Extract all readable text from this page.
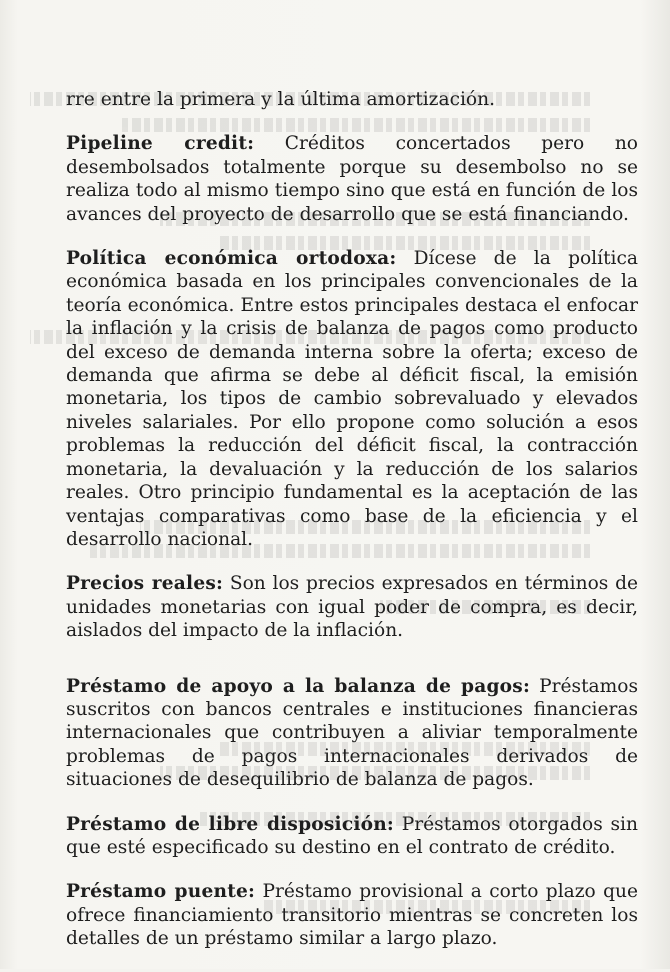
rre entre la primera y la última amortización.

Pipeline credit: Créditos concertados pero no desembolsados totalmente porque su desembolso no se realiza todo al mismo tiempo sino que está en función de los avances del proyecto de desarrollo que se está financiando.

Política económica ortodoxa: Dícese de la política económica basada en los principales convencionales de la teoría económica. Entre estos principales destaca el enfocar la inflación y la crisis de balanza de pagos como producto del exceso de demanda interna sobre la oferta; exceso de demanda que afirma se debe al déficit fiscal, la emisión monetaria, los tipos de cambio sobrevaluado y elevados niveles salariales. Por ello propone como solución a esos problemas la reducción del déficit fiscal, la contracción monetaria, la devaluación y la reducción de los salarios reales. Otro principio fundamental es la aceptación de las ventajas comparativas como base de la eficiencia y el desarrollo nacional.

Precios reales: Son los precios expresados en términos de unidades monetarias con igual poder de compra, es decir, aislados del impacto de la inflación.

Préstamo de apoyo a la balanza de pagos: Préstamos suscritos con bancos centrales e instituciones financieras internacionales que contribuyen a aliviar temporalmente problemas de pagos internacionales derivados de situaciones de desequilibrio de balanza de pagos.

Préstamo de libre disposición: Préstamos otorgados sin que esté especificado su destino en el contrato de crédito.

Préstamo puente: Préstamo provisional a corto plazo que ofrece financiamiento transitorio mientras se concreten los detalles de un préstamo similar a largo plazo.
